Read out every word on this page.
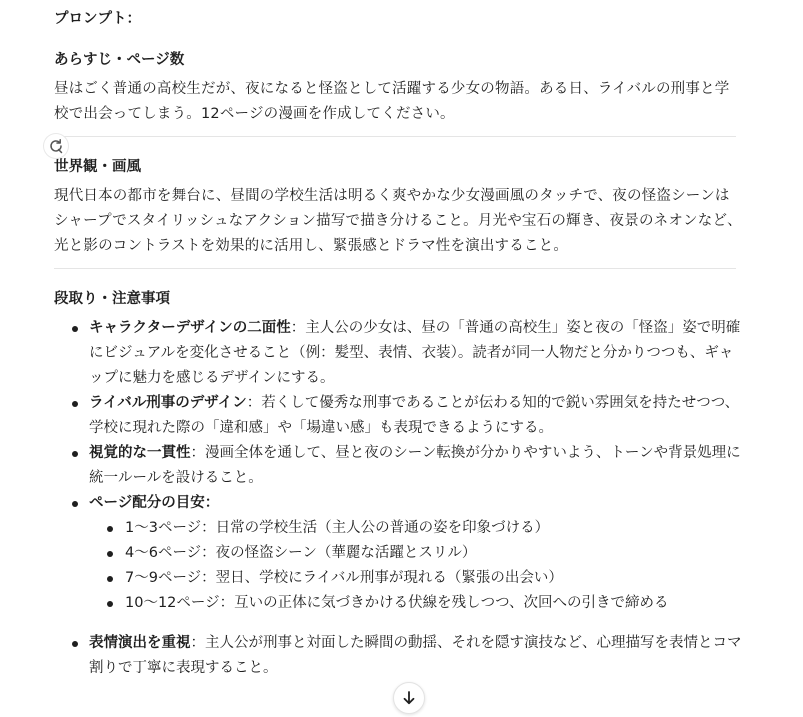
プロンプト：

あらすじ・ページ数

昼はごく普通の高校生だが、夜になると怪盗として活躍する少女の物語。ある日、ライバルの刑事と学校で出会ってしまう。12ページの漫画を作成してください。

世界観・画風

現代日本の都市を舞台に、昼間の学校生活は明るく爽やかな少女漫画風のタッチで、夜の怪盗シーンはシャープでスタイリッシュなアクション描写で描き分けること。月光や宝石の輝き、夜景のネオンなど、光と影のコントラストを効果的に活用し、緊張感とドラマ性を演出すること。

段取り・注意事項

キャラクターデザインの二面性：主人公の少女は、昼の「普通の高校生」姿と夜の「怪盗」姿で明確にビジュアルを変化させること（例：髪型、表情、衣装）。読者が同一人物だと分かりつつも、ギャップに魅力を感じるデザインにする。
ライバル刑事のデザイン：若くして優秀な刑事であることが伝わる知的で鋭い雰囲気を持たせつつ、学校に現れた際の「違和感」や「場違い感」も表現できるようにする。
視覚的な一貫性：漫画全体を通して、昼と夜のシーン転換が分かりやすいよう、トーンや背景処理に統一ルールを設けること。
ページ配分の目安：
1〜3ページ：日常の学校生活（主人公の普通の姿を印象づける）
4〜6ページ：夜の怪盗シーン（華麗な活躍とスリル）
7〜9ページ：翌日、学校にライバル刑事が現れる（緊張の出会い）
10〜12ページ：互いの正体に気づきかける伏線を残しつつ、次回への引きで締める
表情演出を重視：主人公が刑事と対面した瞬間の動揺、それを隠す演技など、心理描写を表情とコマ割りで丁寧に表現すること。
